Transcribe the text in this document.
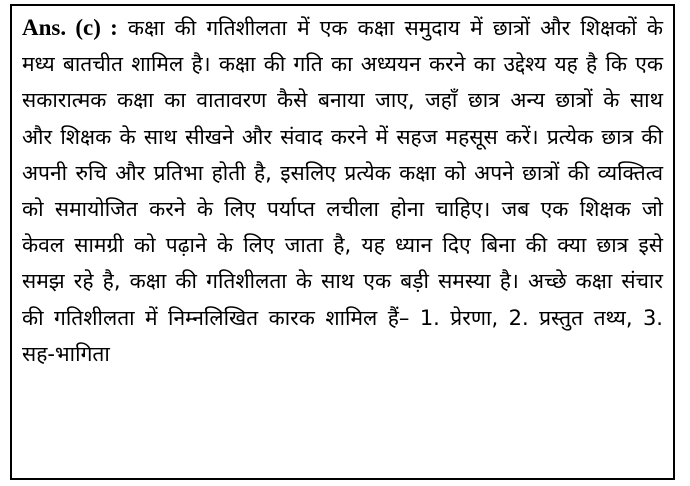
Ans. (c) : कक्षा की गतिशीलता में एक कक्षा समुदाय में छात्रों और शिक्षकों के मध्य बातचीत शामिल है। कक्षा की गति का अध्ययन करने का उद्देश्य यह है कि एक सकारात्मक कक्षा का वातावरण कैसे बनाया जाए, जहाँ छात्र अन्य छात्रों के साथ और शिक्षक के साथ सीखने और संवाद करने में सहज महसूस करें। प्रत्येक छात्र की अपनी रुचि और प्रतिभा होती है, इसलिए प्रत्येक कक्षा को अपने छात्रों की व्यक्तित्व को समायोजित करने के लिए पर्याप्त लचीला होना चाहिए। जब एक शिक्षक जो केवल सामग्री को पढ़ाने के लिए जाता है, यह ध्यान दिए बिना की क्या छात्र इसे समझ रहे है, कक्षा की गतिशीलता के साथ एक बड़ी समस्या है। अच्छे कक्षा संचार की गतिशीलता में निम्नलिखित कारक शामिल हैं– 1. प्रेरणा, 2. प्रस्तुत तथ्य, 3. सह-भागिता
